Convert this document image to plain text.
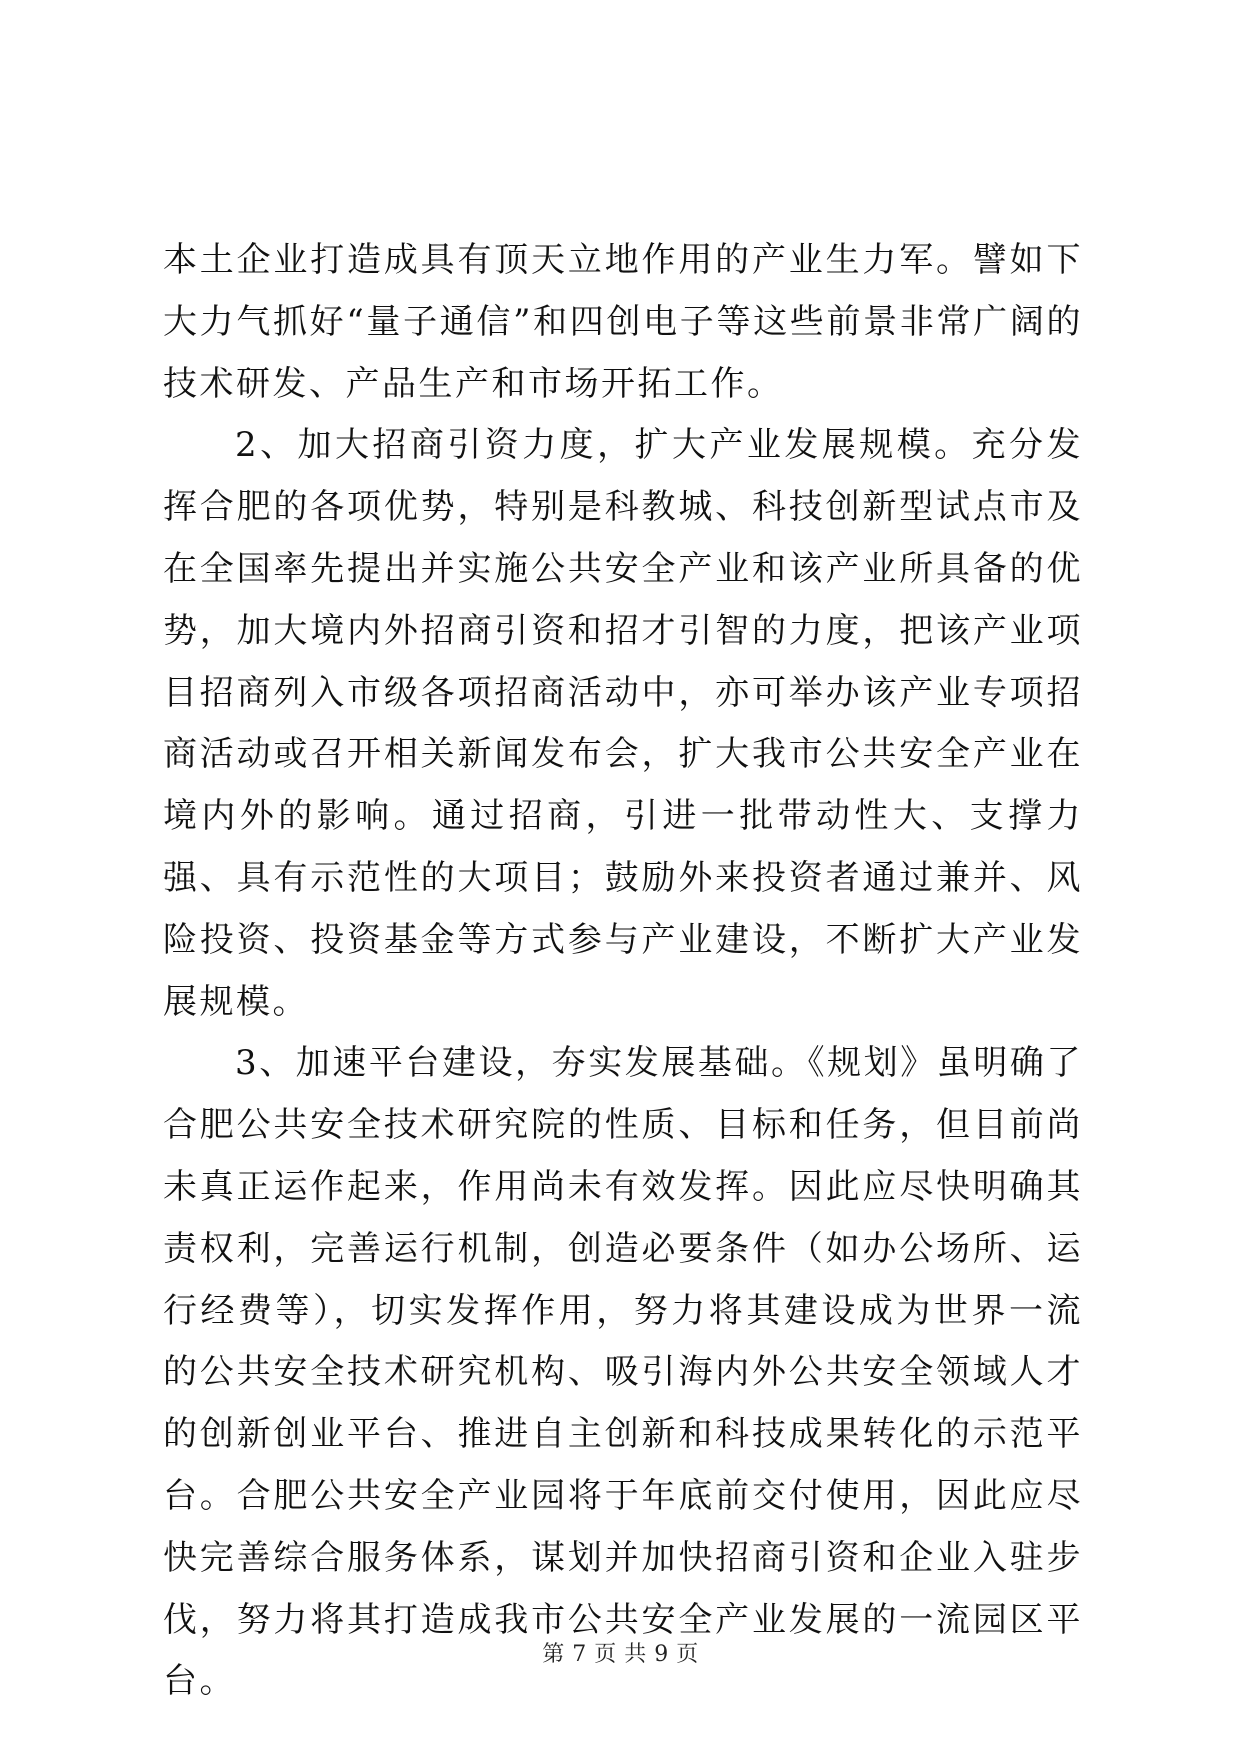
本土企业打造成具有顶天立地作用的产业生力军。譬如下大力气抓好“量子通信”和四创电子等这些前景非常广阔的技术研发、产品生产和市场开拓工作。

2、加大招商引资力度，扩大产业发展规模。充分发挥合肥的各项优势，特别是科教城、科技创新型试点市及在全国率先提出并实施公共安全产业和该产业所具备的优势，加大境内外招商引资和招才引智的力度，把该产业项目招商列入市级各项招商活动中，亦可举办该产业专项招商活动或召开相关新闻发布会，扩大我市公共安全产业在境内外的影响。通过招商，引进一批带动性大、支撑力强、具有示范性的大项目；鼓励外来投资者通过兼并、风险投资、投资基金等方式参与产业建设，不断扩大产业发展规模。

3、加速平台建设，夯实发展基础。《规划》虽明确了合肥公共安全技术研究院的性质、目标和任务，但目前尚未真正运作起来，作用尚未有效发挥。因此应尽快明确其责权利，完善运行机制，创造必要条件（如办公场所、运行经费等），切实发挥作用，努力将其建设成为世界一流的公共安全技术研究机构、吸引海内外公共安全领域人才的创新创业平台、推进自主创新和科技成果转化的示范平台。合肥公共安全产业园将于年底前交付使用，因此应尽快完善综合服务体系，谋划并加快招商引资和企业入驻步伐，努力将其打造成我市公共安全产业发展的一流园区平台。

第 7 页 共 9 页
